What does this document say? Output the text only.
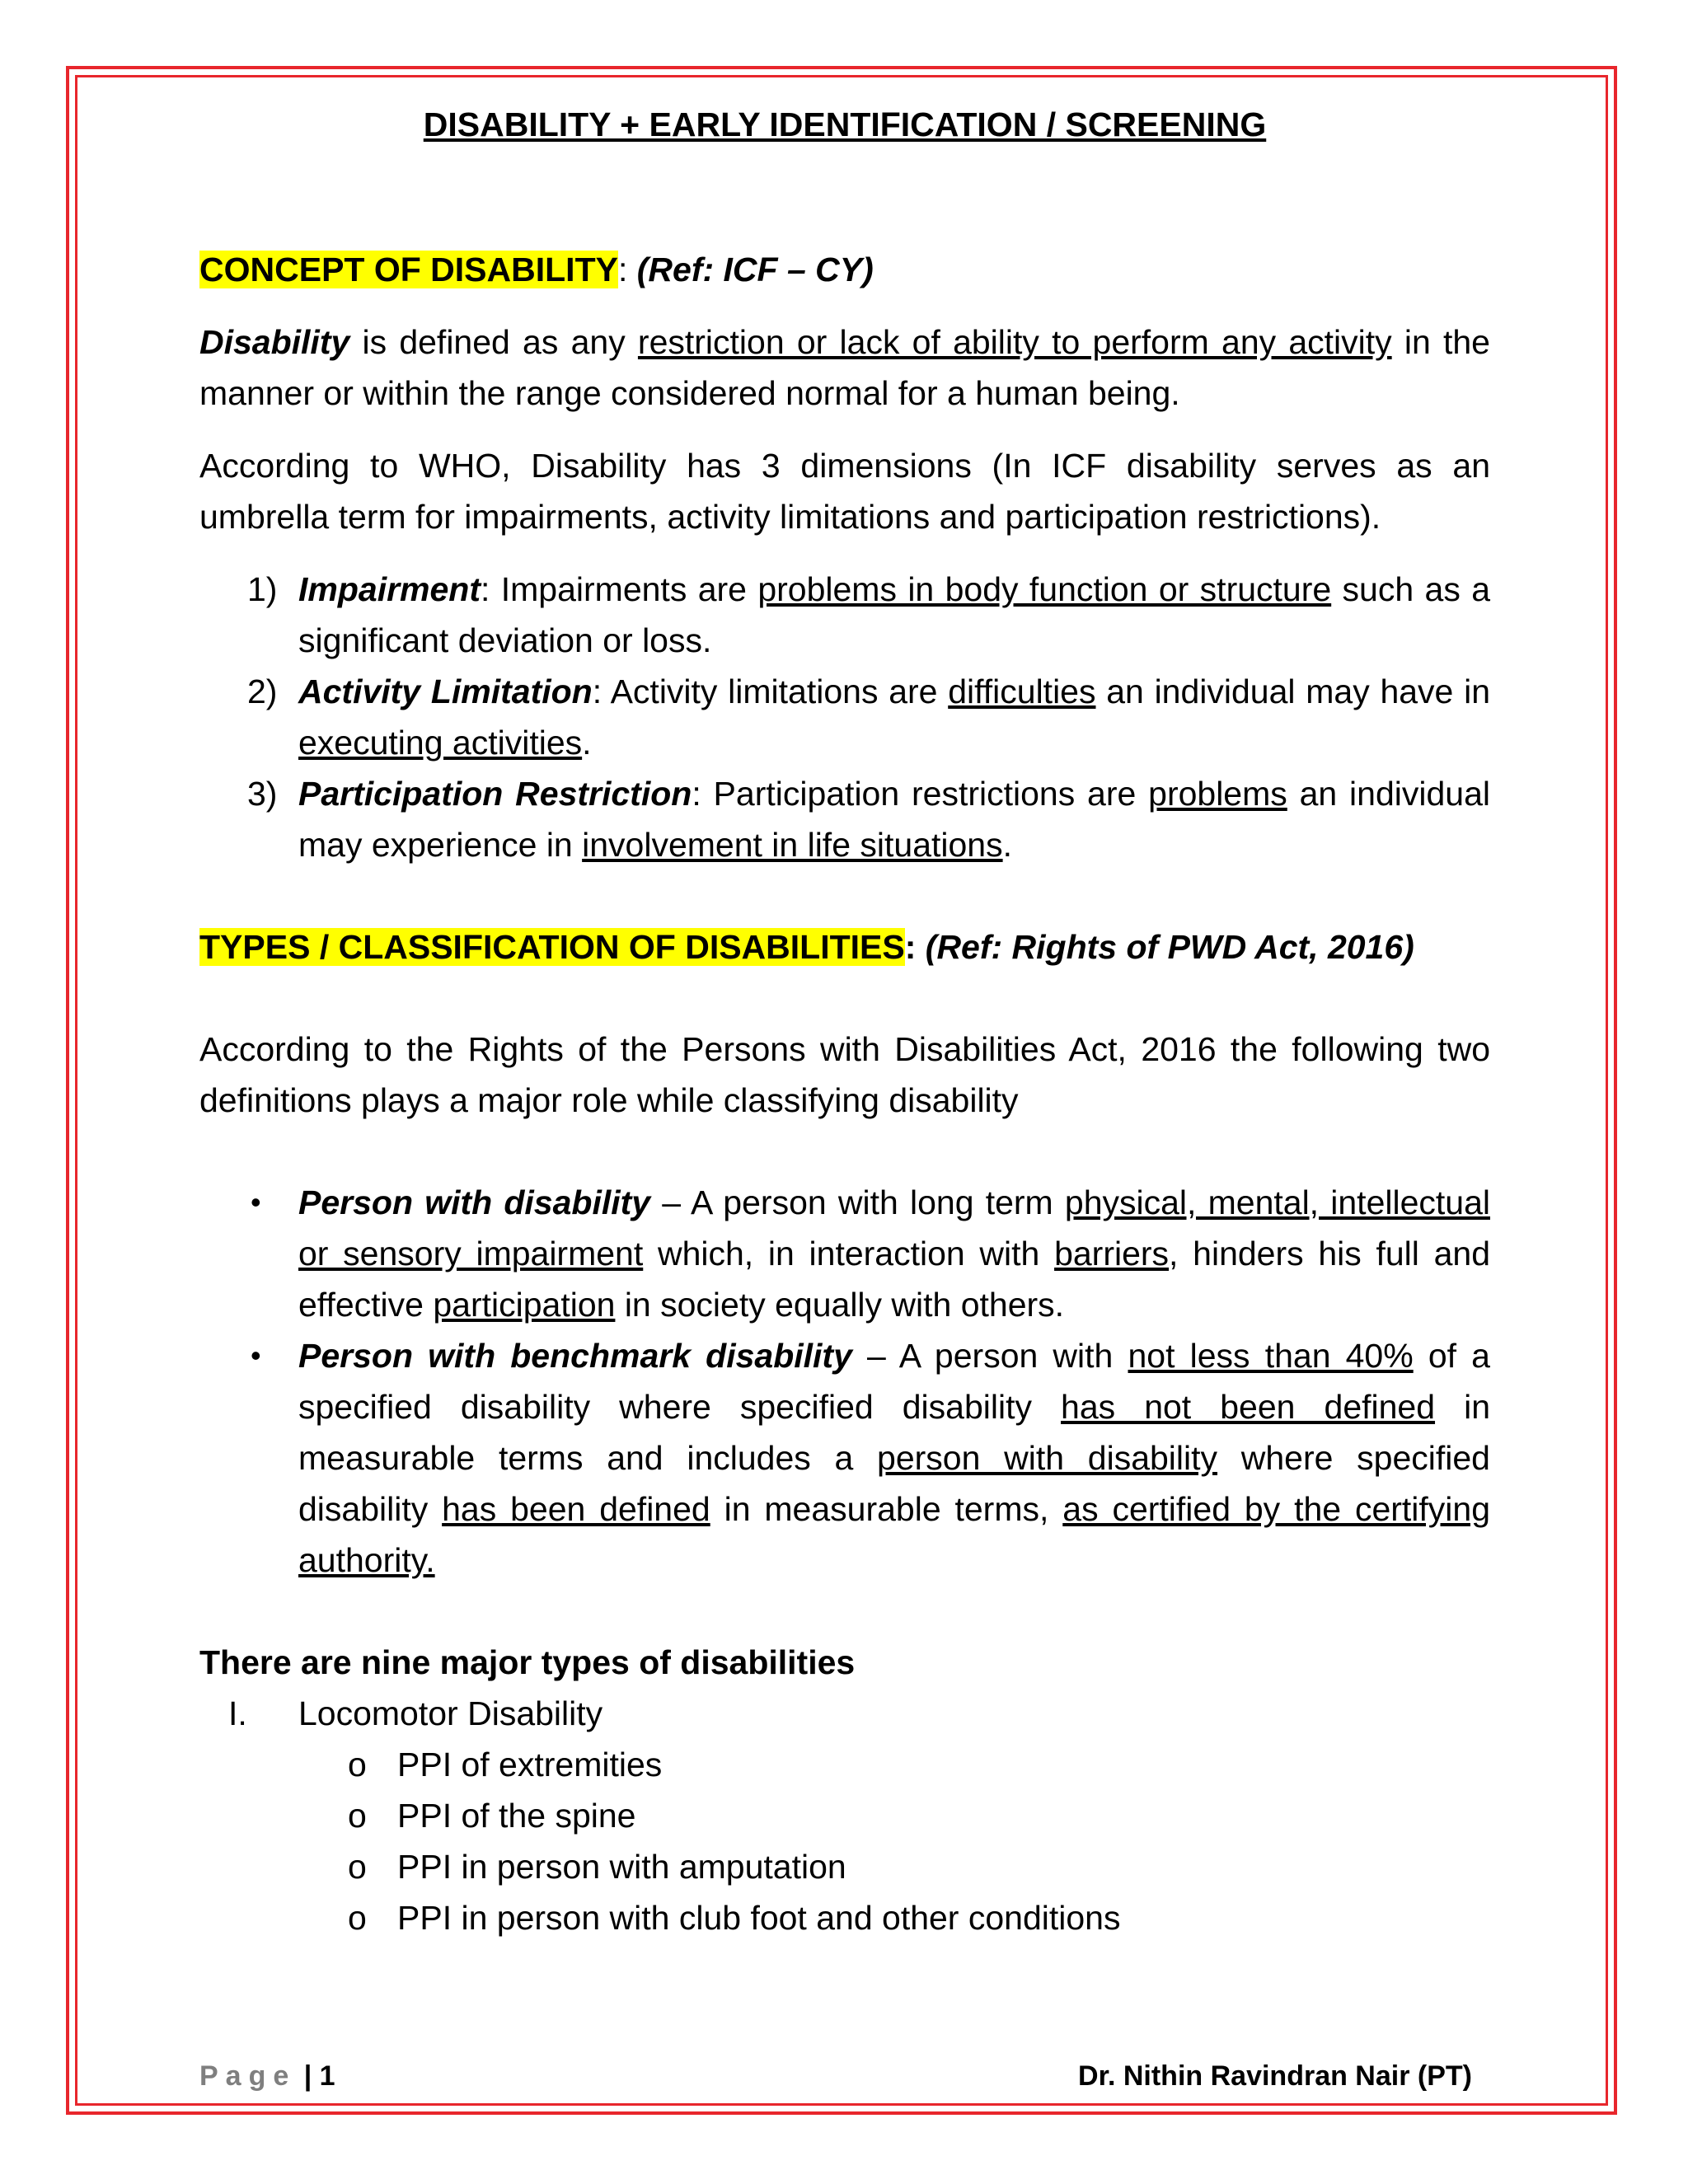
DISABILITY + EARLY IDENTIFICATION / SCREENING

CONCEPT OF DISABILITY: (Ref: ICF – CY)

Disability is defined as any restriction or lack of ability to perform any activity in the manner or within the range considered normal for a human being.

According to WHO, Disability has 3 dimensions (In ICF disability serves as an umbrella term for impairments, activity limitations and participation restrictions).

1) Impairment: Impairments are problems in body function or structure such as a significant deviation or loss.
2) Activity Limitation: Activity limitations are difficulties an individual may have in executing activities.
3) Participation Restriction: Participation restrictions are problems an individual may experience in involvement in life situations.
TYPES / CLASSIFICATION OF DISABILITIES: (Ref: Rights of PWD Act, 2016)

According to the Rights of the Persons with Disabilities Act, 2016 the following two definitions plays a major role while classifying disability

•	Person with disability – A person with long term physical, mental, intellectual or sensory impairment which, in interaction with barriers, hinders his full and effective participation in society equally with others.
•	Person with benchmark disability – A person with not less than 40% of a specified disability where specified disability has not been defined in measurable terms and includes a person with disability where specified disability has been defined in measurable terms, as certified by the certifying authority.
There are nine major types of disabilities
I.	Locomotor Disability
o PPI of extremities
o PPI of the spine
o PPI in person with amputation
o PPI in person with club foot and other conditions
Page | 1	Dr. Nithin Ravindran Nair (PT)
